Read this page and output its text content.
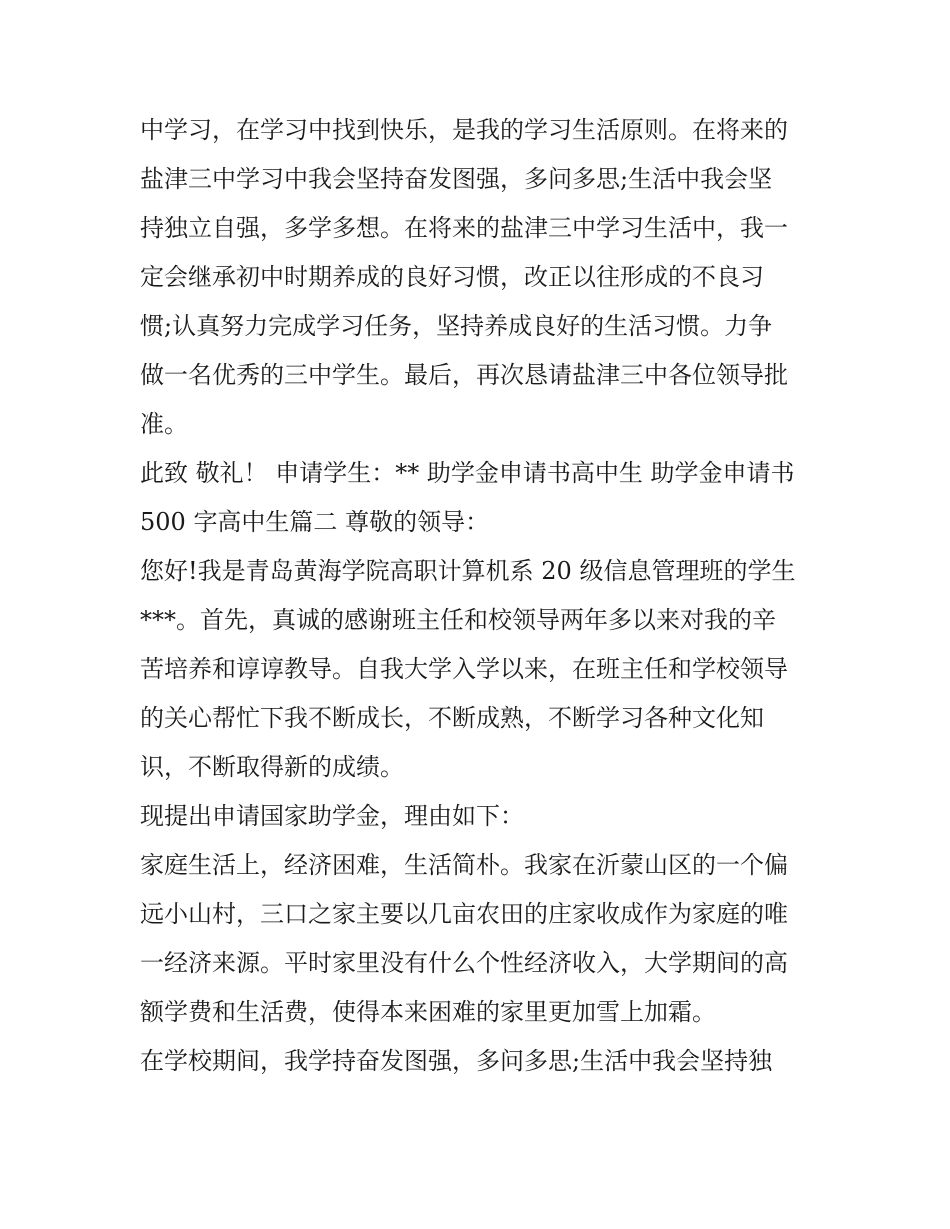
中学习，在学习中找到快乐，是我的学习生活原则。在将来的
盐津三中学习中我会坚持奋发图强，多问多思;生活中我会坚
持独立自强，多学多想。在将来的盐津三中学习生活中，我一
定会继承初中时期养成的良好习惯，改正以往形成的不良习
惯;认真努力完成学习任务，坚持养成良好的生活习惯。力争
做一名优秀的三中学生。最后，再次恳请盐津三中各位领导批
准。
此致 敬礼！ 申请学生：** 助学金申请书高中生 助学金申请书
500 字高中生篇二 尊敬的领导：
您好!我是青岛黄海学院高职计算机系 20 级信息管理班的学生
***。首先，真诚的感谢班主任和校领导两年多以来对我的辛
苦培养和谆谆教导。自我大学入学以来，在班主任和学校领导
的关心帮忙下我不断成长，不断成熟，不断学习各种文化知
识，不断取得新的成绩。
现提出申请国家助学金，理由如下：
家庭生活上，经济困难，生活简朴。我家在沂蒙山区的一个偏
远小山村，三口之家主要以几亩农田的庄家收成作为家庭的唯
一经济来源。平时家里没有什么个性经济收入，大学期间的高
额学费和生活费，使得本来困难的家里更加雪上加霜。
在学校期间，我学持奋发图强，多问多思;生活中我会坚持独
